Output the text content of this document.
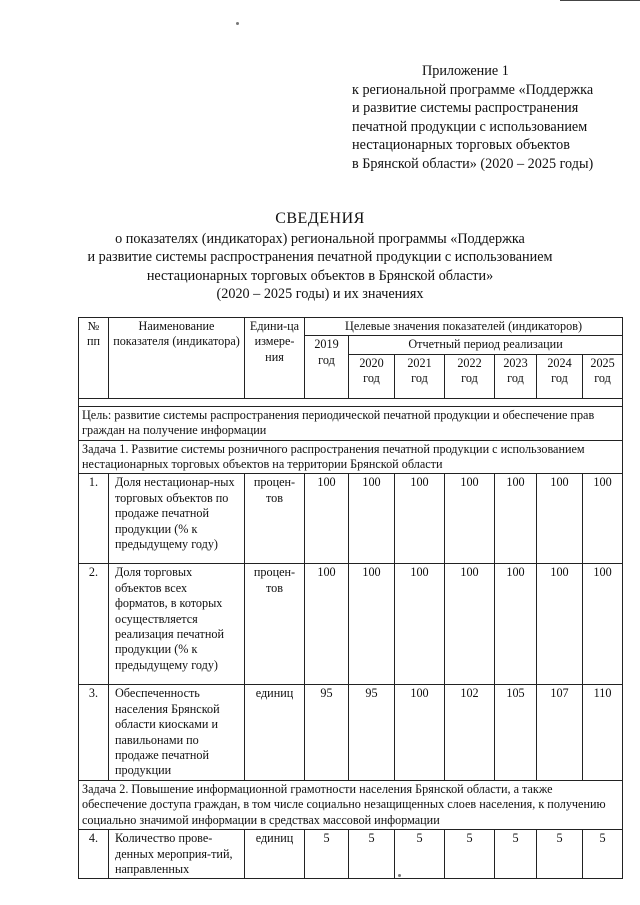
Приложение 1
к региональной программе «Поддержка
и развитие системы распространения
печатной продукции с использованием
нестационарных торговых объектов
в Брянской области» (2020 – 2025 годы)
СВЕДЕНИЯ
о показателях (индикаторах) региональной программы «Поддержка
и развитие системы распространения печатной продукции с использованием
нестационарных торговых объектов в Брянской области»
(2020 – 2025 годы) и их значениях
№ пп	Наименование показателя (индикатора)	Едини-ца измере-ния	Целевые значения показателей (индикаторов)						
			2019 год	Отчетный период реализации					
				2020 год	2021 год	2022 год	2023 год	2024 год	2025 год

Цель: развитие системы распространения периодической печатной продукции и обеспечение прав граждан на получение информации									
Задача 1. Развитие системы розничного распространения печатной продукции с использованием нестационарных торговых объектов на территории Брянской области									
1.	Доля нестационар-ных торговых объектов по продаже печатной продукции (% к предыдущему году)	процен-тов	100	100	100	100	100	100	100
2.	Доля торговых объектов всех форматов, в которых осуществляется реализация печатной продукции (% к предыдущему году)	процен-тов	100	100	100	100	100	100	100
3.	Обеспеченность населения Брянской области киосками и павильонами по продаже печатной продукции	единиц	95	95	100	102	105	107	110
Задача 2. Повышение информационной грамотности населения Брянской области, а также обеспечение доступа граждан, в том числе социально незащищенных слоев населения, к получению социально значимой информации в средствах массовой информации									
4.	Количество прове-денных мероприя-тий, направленных	единиц	5	5	5	5	5	5	5
